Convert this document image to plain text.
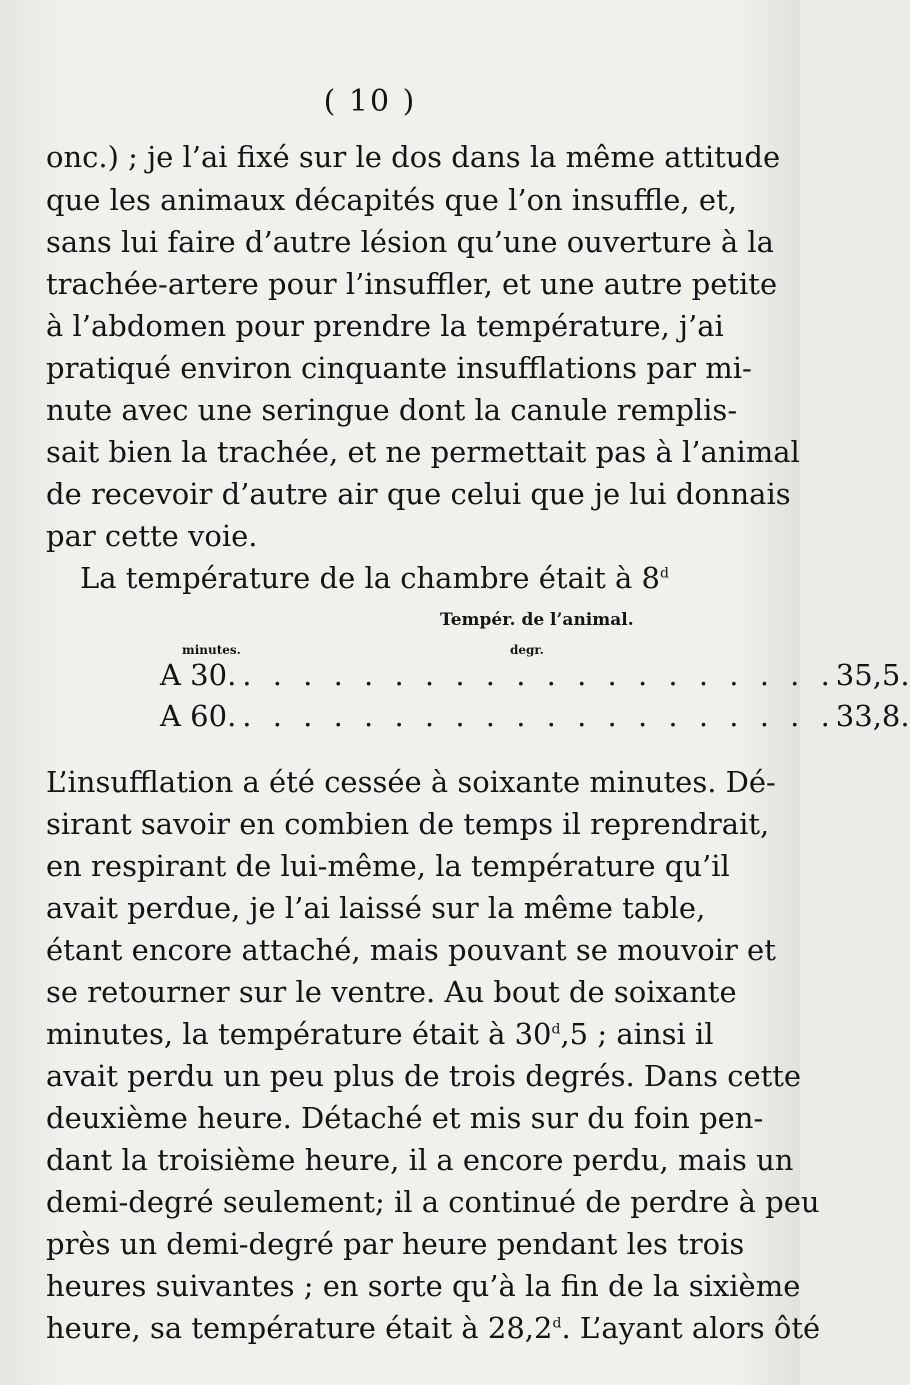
( 10 )
onc.) ; je l’ai fixé sur le dos dans la même attitude
que les animaux décapités que l’on insuffle, et,
sans lui faire d’autre lésion qu’une ouverture à la
trachée-artere pour l’insuffler, et une autre petite
à l’abdomen pour prendre la température, j’ai
pratiqué environ cinquante insufflations par mi-
nute avec une seringue dont la canule remplis-
sait bien la trachée, et ne permettait pas à l’animal
de recevoir d’autre air que celui que je lui donnais
par cette voie.
La température de la chambre était à 8$^d$
Tempér. de l’animal.
minutes.	degr.
A 30. . . . . . . . . . . . . . . . . . . . . 35,5.
A 60. . . . . . . . . . . . . . . . . . . . . 33,8.
L’insufflation a été cessée à soixante minutes. Dé-
sirant savoir en combien de temps il reprendrait,
en respirant de lui-même, la température qu’il
avait perdue, je l’ai laissé sur la même table,
étant encore attaché, mais pouvant se mouvoir et
se retourner sur le ventre. Au bout de soixante
minutes, la température était à 30$^d$,5 ; ainsi il
avait perdu un peu plus de trois degrés. Dans cette
deuxième heure. Détaché et mis sur du foin pen-
dant la troisième heure, il a encore perdu, mais un
demi-degré seulement; il a continué de perdre à peu
près un demi-degré par heure pendant les trois
heures suivantes ; en sorte qu’à la fin de la sixième
heure, sa température était à 28,2$^d$. L’ayant alors ôté
